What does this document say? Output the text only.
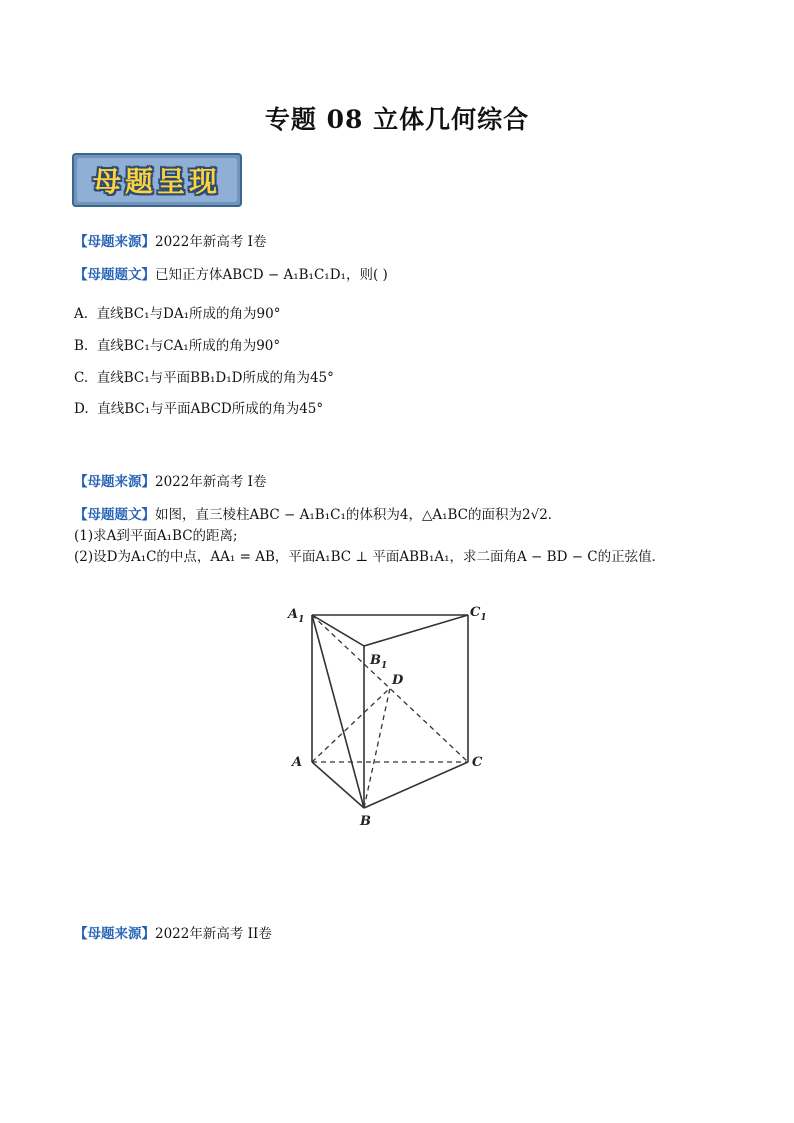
专题 08 立体几何综合
母题呈现
【母题来源】2022年新高考 I卷
【母题题文】已知正方体ABCD − A₁B₁C₁D₁，则( )
A. 直线BC₁与DA₁所成的角为90°
B. 直线BC₁与CA₁所成的角为90°
C. 直线BC₁与平面BB₁D₁D所成的角为45°
D. 直线BC₁与平面ABCD所成的角为45°
【母题来源】2022年新高考 I卷
【母题题文】如图，直三棱柱ABC − A₁B₁C₁的体积为4，△A₁BC的面积为2√2．
(1)求A到平面A₁BC的距离;
(2)设D为A₁C的中点，AA₁ = AB，平面A₁BC ⊥ 平面ABB₁A₁，求二面角A − BD − C的正弦值．
$A_1$	$C_1$
$B_1$
D
A	C
B
【母题来源】2022年新高考 II卷
